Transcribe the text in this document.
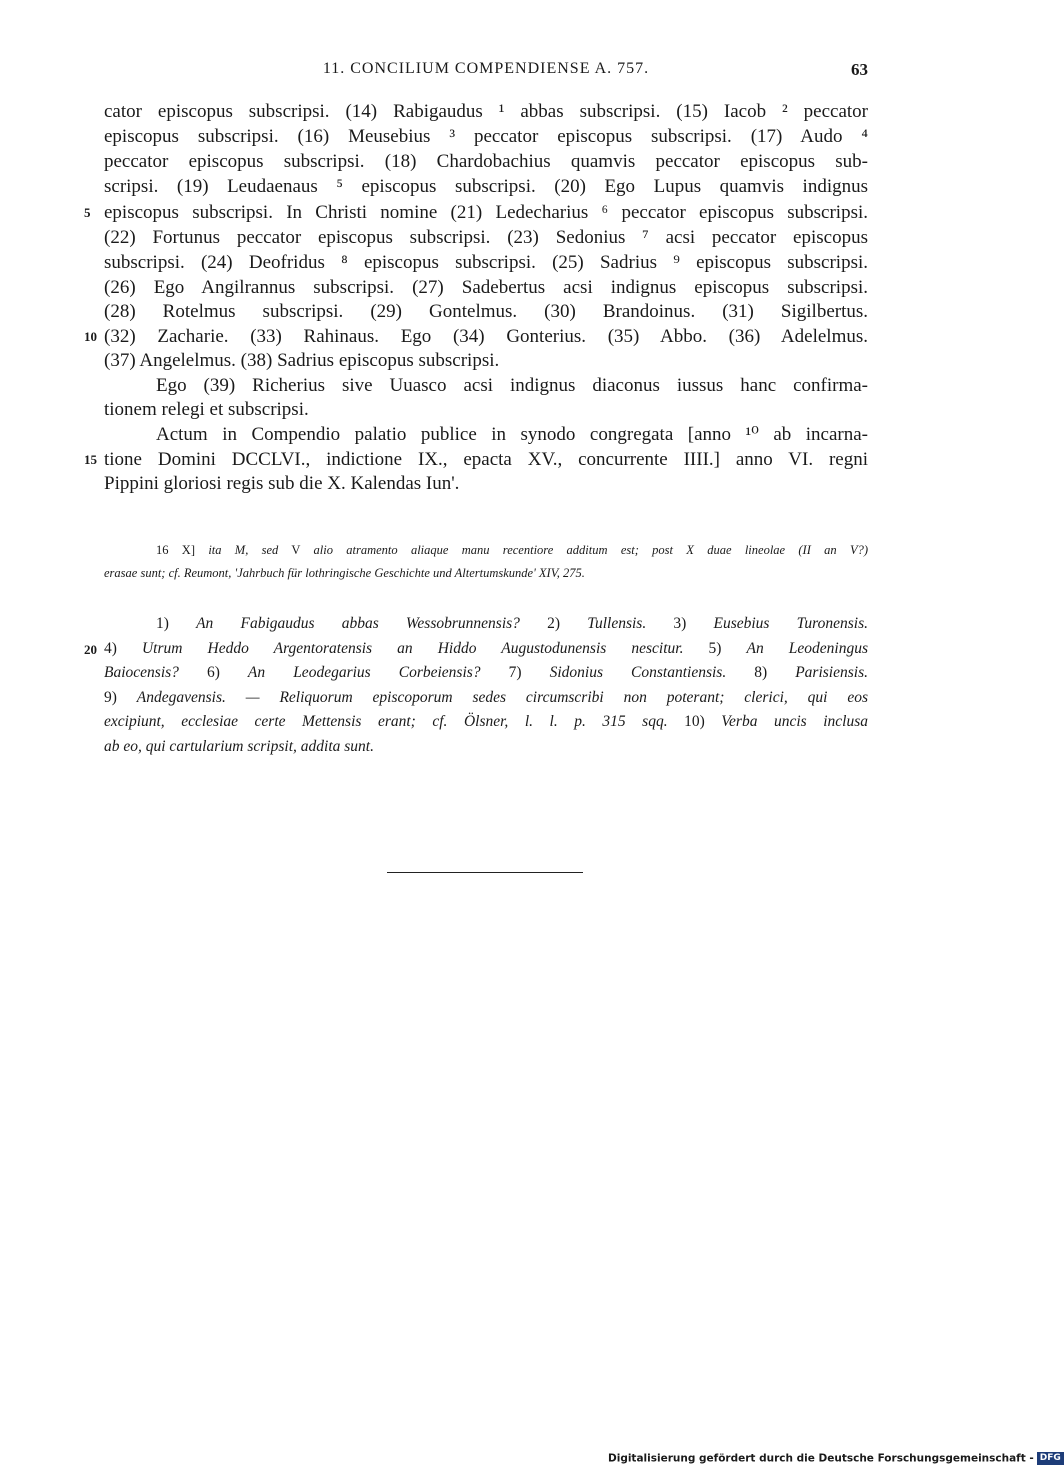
11. CONCILIUM COMPENDIENSE A. 757.	63
cator episcopus subscripsi. (14) Rabigaudus ¹ abbas subscripsi. (15) Iacob ² peccator
episcopus subscripsi. (16) Meusebius ³ peccator episcopus subscripsi. (17) Audo ⁴
peccator episcopus subscripsi. (18) Chardobachius quamvis peccator episcopus sub-
scripsi. (19) Leudaenaus ⁵ episcopus subscripsi. (20) Ego Lupus quamvis indignus
5 episcopus subscripsi. In Christi nomine (21) Ledecharius ⁶ peccator episcopus subscripsi.
(22) Fortunus peccator episcopus subscripsi. (23) Sedonius ⁷ acsi peccator episcopus
subscripsi. (24) Deofridus ⁸ episcopus subscripsi. (25) Sadrius ⁹ episcopus subscripsi.
(26) Ego Angilrannus subscripsi. (27) Sadebertus acsi indignus episcopus subscripsi.
(28) Rotelmus subscripsi. (29) Gontelmus. (30) Brandoinus. (31) Sigilbertus.
10 (32) Zacharie. (33) Rahinaus. Ego (34) Gonterius. (35) Abbo. (36) Adelelmus.
(37) Angelelmus. (38) Sadrius episcopus subscripsi.
Ego (39) Richerius sive Uuasco acsi indignus diaconus iussus hanc confirma-
tionem relegi et subscripsi.
Actum in Compendio palatio publice in synodo congregata [anno ¹⁰ ab incarna-
15 tione Domini DCCLVI., indictione IX., epacta XV., concurrente IIII.] anno VI. regni
Pippini gloriosi regis sub die X. Kalendas Iun'.
16 X] ita M, sed V alio atramento aliaque manu recentiore additum est; post X duae lineolae (II an V?)
erasae sunt; cf. Reumont, 'Jahrbuch für lothringische Geschichte und Altertumskunde' XIV, 275.
1) An Fabigaudus abbas Wessobrunnensis? 2) Tullensis. 3) Eusebius Turonensis.
20 4) Utrum Heddo Argentoratensis an Hiddo Augustodunensis nescitur. 5) An Leodeningus
Baiocensis? 6) An Leodegarius Corbeiensis? 7) Sidonius Constantiensis. 8) Parisiensis.
9) Andegavensis. — Reliquorum episcoporum sedes circumscribi non poterant; clerici, qui eos
excipiunt, ecclesiae certe Mettensis erant; cf. Ölsner, l. l. p. 315 sqq. 10) Verba uncis inclusa
ab eo, qui cartularium scripsit, addita sunt.
Digitalisierung gefördert durch die Deutsche Forschungsgemeinschaft - DFG
